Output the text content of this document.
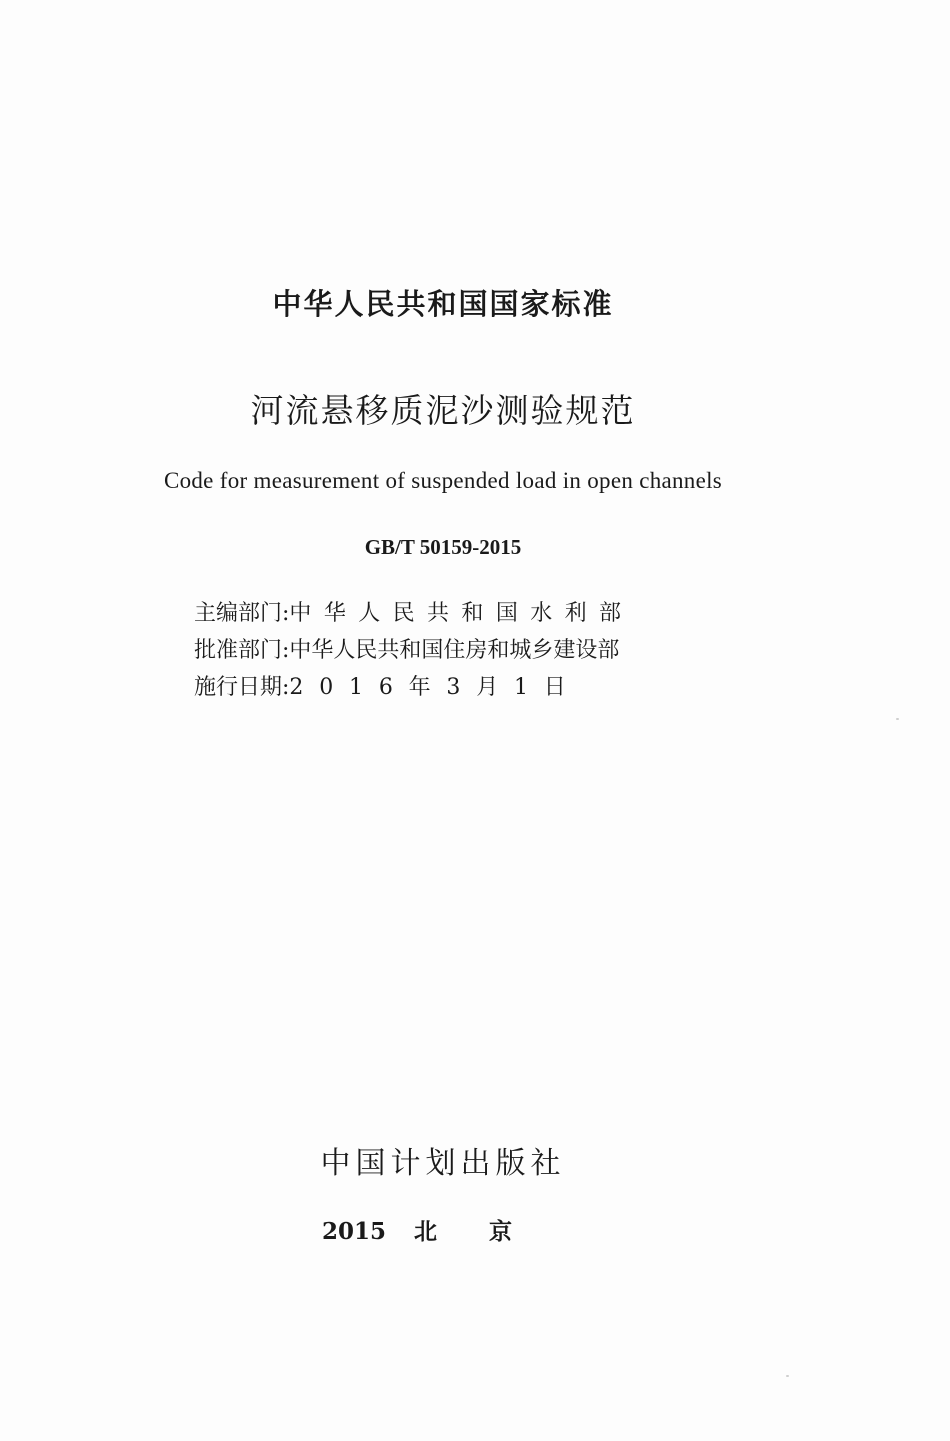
中华人民共和国国家标准
河流悬移质泥沙测验规范
Code for measurement of suspended load in open channels
GB/T 50159-2015
主编部门: 中华人民共和国水利部
批准部门: 中华人民共和国住房和城乡建设部
施行日期: 2016年3月1日
中国计划出版社
2015 北京
